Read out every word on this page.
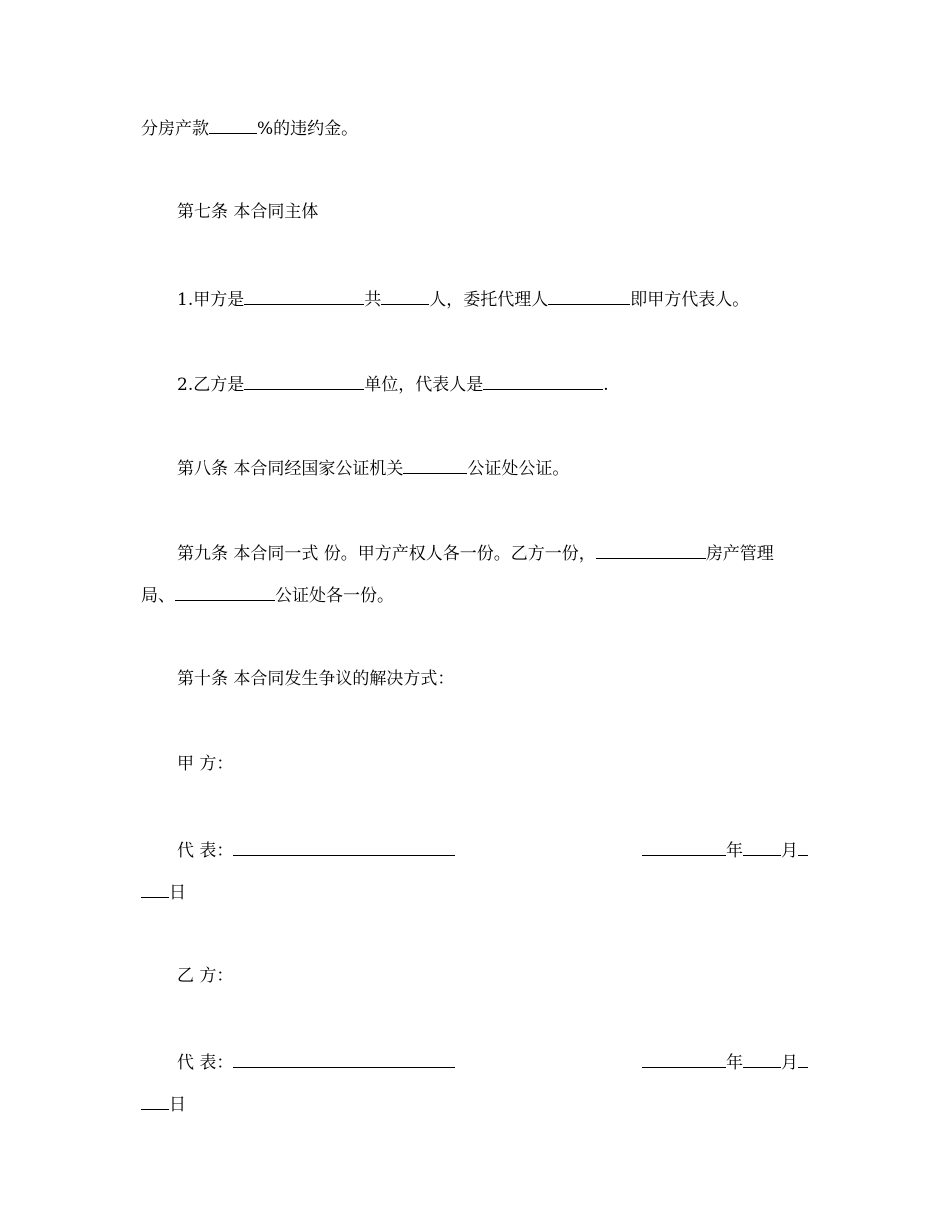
分房产款	%的违约金。
第七条 本合同主体
1.甲方是	共	人，委托代理人	即甲方代表人。
2.乙方是	单位，代表人是	.
第八条 本合同经国家公证机关	公证处公证。
第九条 本合同一式 份。甲方产权人各一份。乙方一份，	房产管理
局、	公证处各一份。
第十条 本合同发生争议的解决方式：
甲 方：
代 表：	年 月
日
乙 方：
代 表：	年 月
日
